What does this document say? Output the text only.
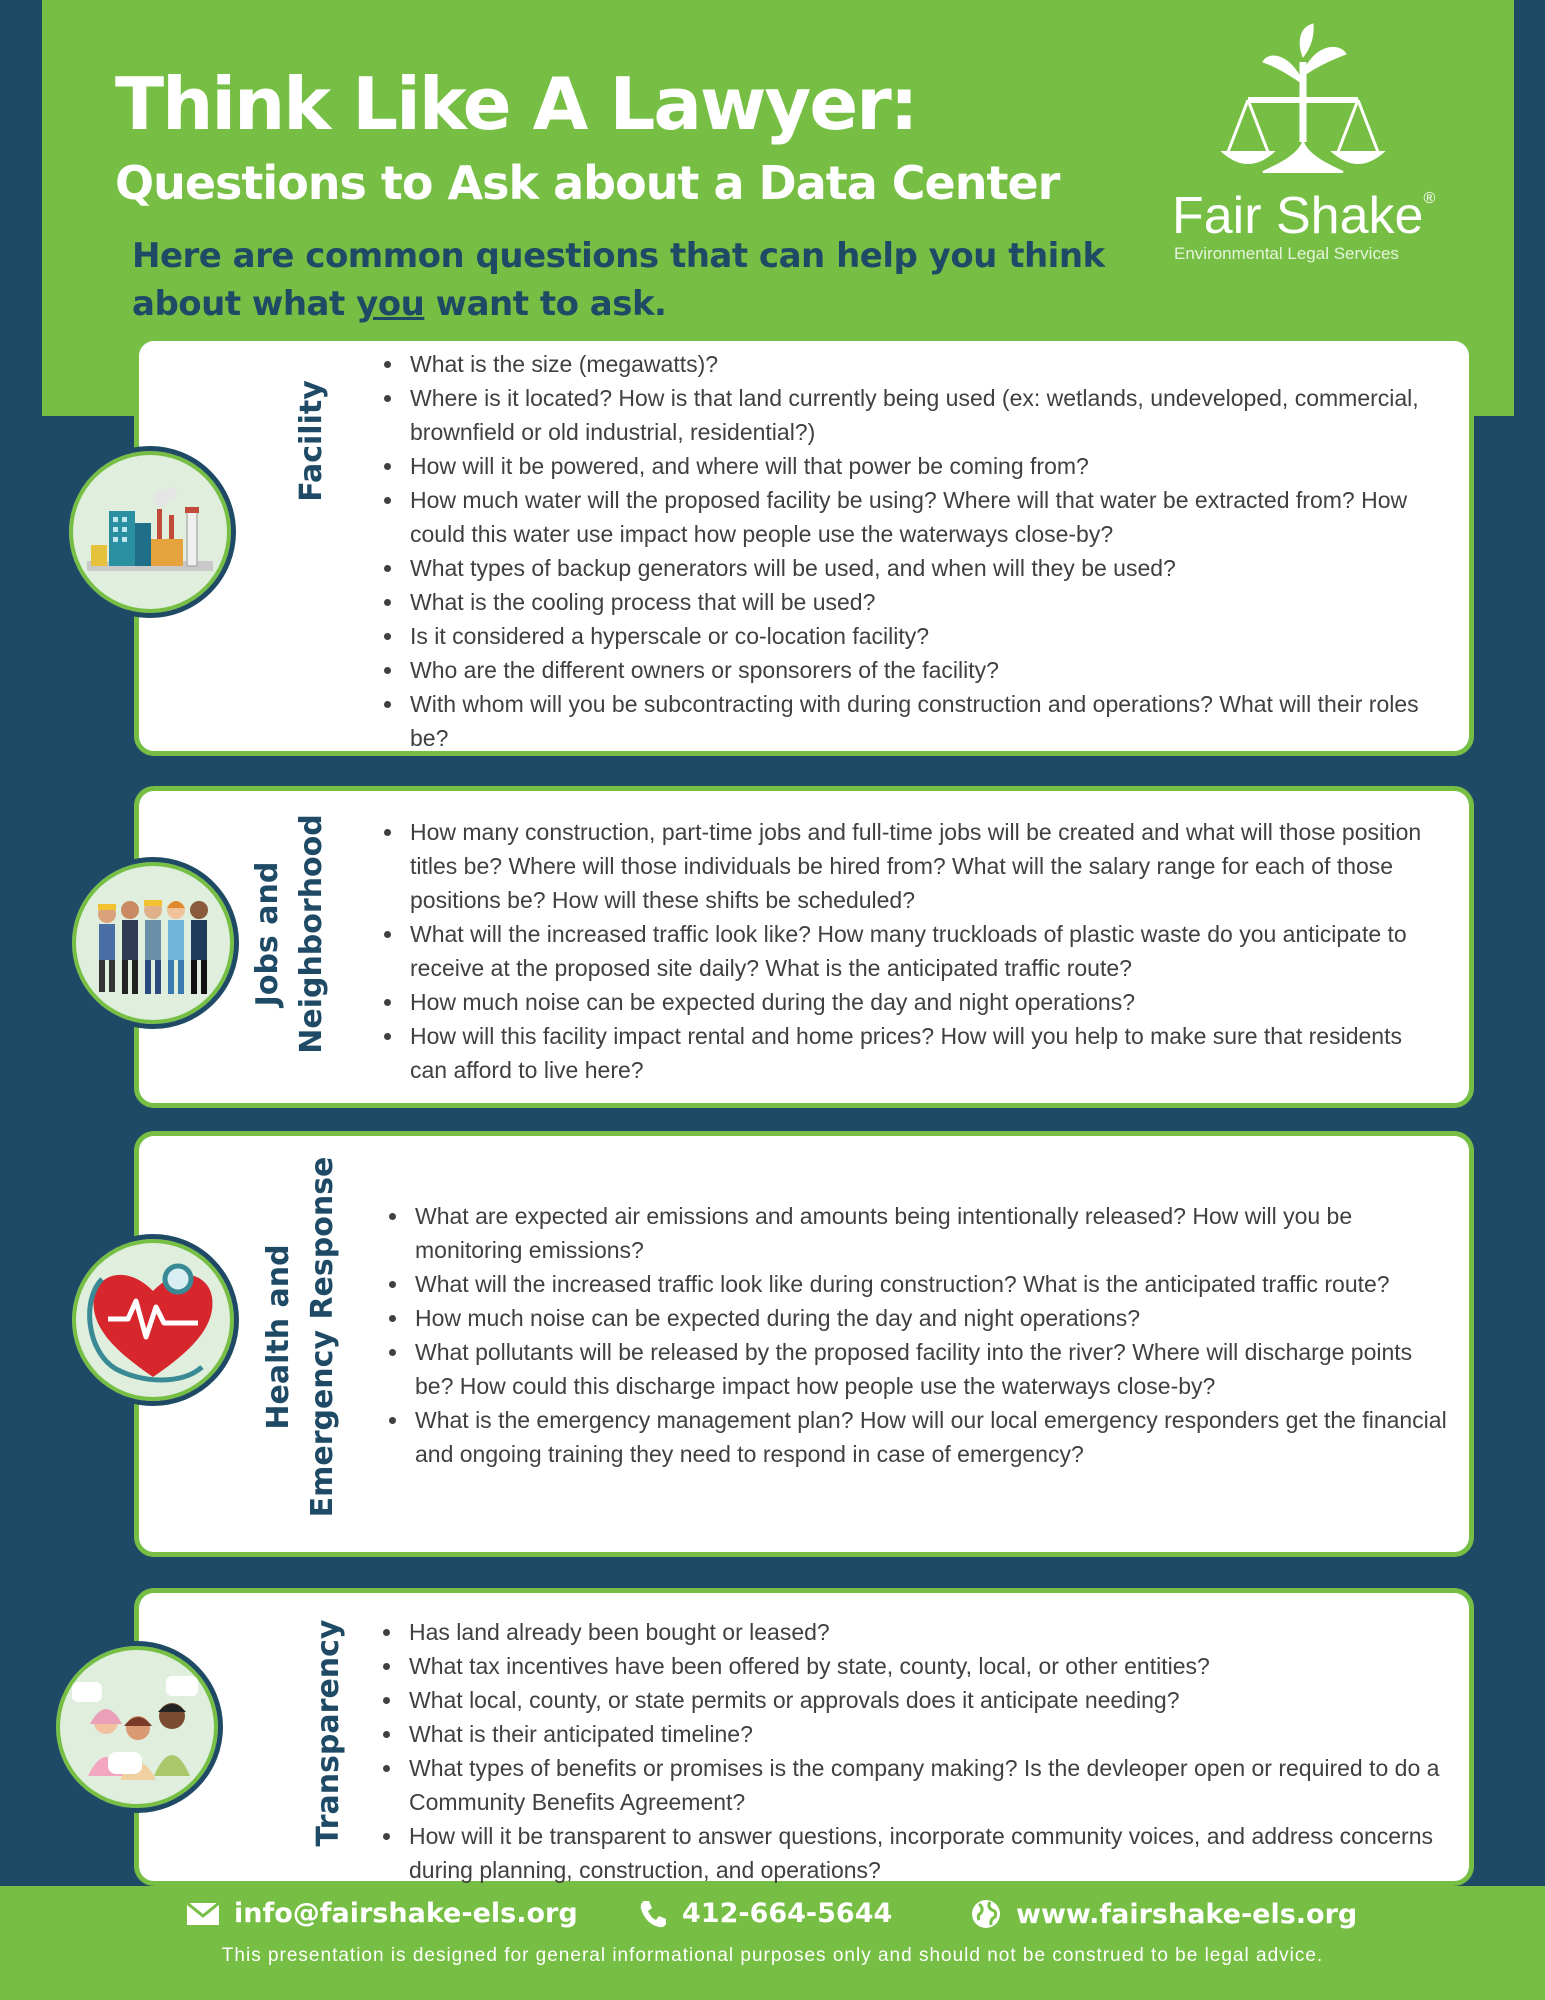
Think Like A Lawyer:
Questions to Ask about a Data Center
Here are common questions that can help you think about what you want to ask.
Fair Shake®
Environmental Legal Services
Facility
What is the size (megawatts)?
Where is it located? How is that land currently being used (ex: wetlands, undeveloped, commercial, brownfield or old industrial, residential?)
How will it be powered, and where will that power be coming from?
How much water will the proposed facility be using? Where will that water be extracted from? How could this water use impact how people use the waterways close-by?
What types of backup generators will be used, and when will they be used?
What is the cooling process that will be used?
Is it considered a hyperscale or co-location facility?
Who are the different owners or sponsorers of the facility?
With whom will you be subcontracting with during construction and operations? What will their roles be?
Jobs and Neighborhood	How many construction, part-time jobs and full-time jobs will be created and what will those position titles be? Where will those individuals be hired from? What will the salary range for each of those positions be? How will these shifts be scheduled?
What will the increased traffic look like? How many truckloads of plastic waste do you anticipate to receive at the proposed site daily? What is the anticipated traffic route?
How much noise can be expected during the day and night operations?
How will this facility impact rental and home prices? How will you help to make sure that residents can afford to live here?
Health and Emergency Response	What are expected air emissions and amounts being intentionally released? How will you be monitoring emissions?
What will the increased traffic look like during construction? What is the anticipated traffic route?
How much noise can be expected during the day and night operations?
What pollutants will be released by the proposed facility into the river? Where will discharge points be? How could this discharge impact how people use the waterways close-by?
What is the emergency management plan? How will our local emergency responders get the financial and ongoing training they need to respond in case of emergency?
Transparency	Has land already been bought or leased?
What tax incentives have been offered by state, county, local, or other entities?
What local, county, or state permits or approvals does it anticipate needing?
What is their anticipated timeline?
What types of benefits or promises is the company making? Is the devleoper open or required to do a Community Benefits Agreement?
How will it be transparent to answer questions, incorporate community voices, and address concerns during planning, construction, and operations?
info@fairshake-els.org	412-664-5644	www.fairshake-els.org
This presentation is designed for general informational purposes only and should not be construed to be legal advice.
